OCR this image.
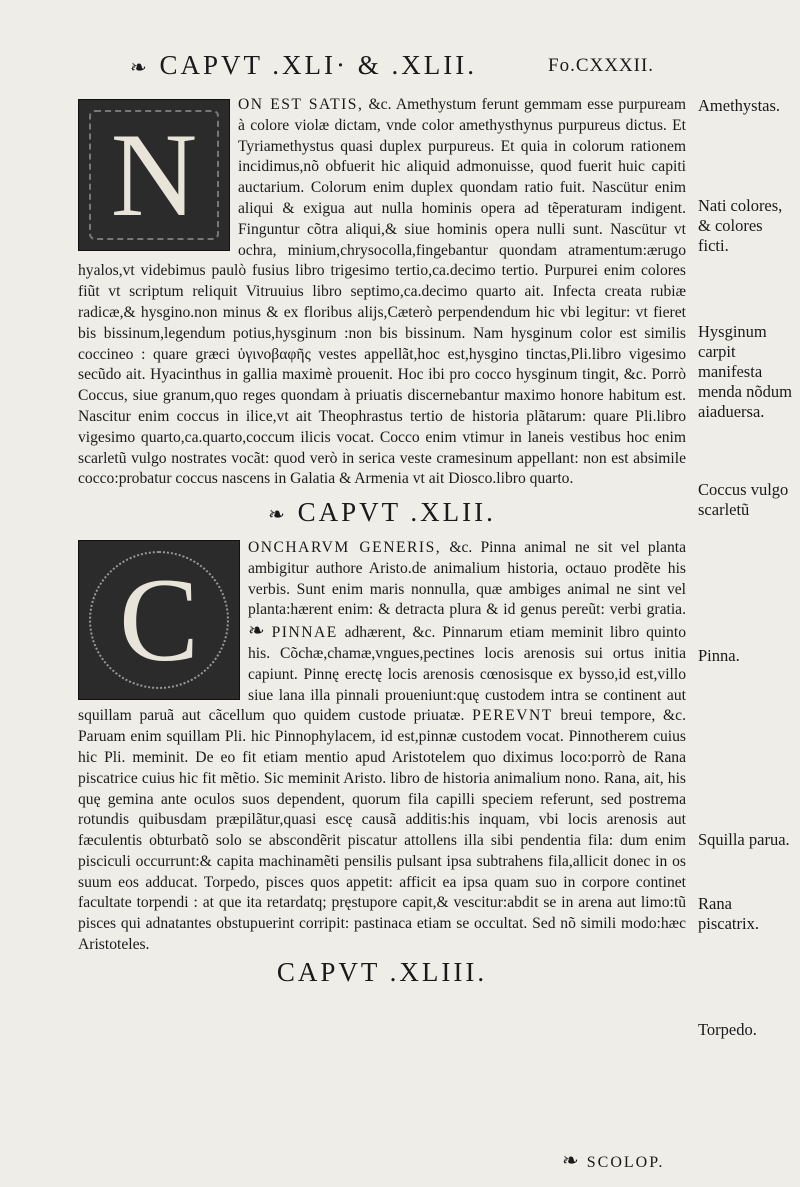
❧ CAPVT .XLI· & .XLII.	Fo.CXXXII.

N
ON EST SATIS, &c. Amethystum ferunt gemmam esse purpuream à colore violæ dictam, vnde color amethysthynus purpureus dictus. Et Tyriamethystus quasi duplex purpureus. Et quia in colorum rationem incidimus,nõ obfuerit hic aliquid admonuisse, quod fuerit huic capiti auctarium. Colorum enim duplex quondam ratio fuit. Nascütur enim aliqui & exigua aut nulla hominis opera ad tẽperaturam indigent. Finguntur cõtra aliqui,& siue hominis opera nulli sunt. Nascütur vt ochra, minium,chrysocolla,fingebantur quondam atramentum:ærugo hyalos,vt videbimus paulò fusius libro trigesimo tertio,ca.decimo tertio. Purpurei enim colores fiũt vt scriptum reliquit Vitruuius libro septimo,ca.decimo quarto ait. Infecta creata rubiæ radicæ,& hysgino.non minus & ex floribus alijs,Cæterò perpendendum hic vbi legitur: vt fieret bis bissinum,legendum potius,hysginum :non bis bissinum. Nam hysginum color est similis coccineo : quare græci ὑγινοβαφῆς vestes appellãt,hoc est,hysgino tinctas,Pli.libro vigesimo secũdo ait. Hyacinthus in gallia maximè prouenit. Hoc ibi pro cocco hysginum tingit, &c. Porrò Coccus, siue granum,quo reges quondam à priuatis discernebantur maximo honore habitum est. Nascitur enim coccus in ilice,vt ait Theophrastus tertio de historia plãtarum: quare Pli.libro vigesimo quarto,ca.quarto,coccum ilicis vocat. Cocco enim vtimur in laneis vestibus hoc enim scarletũ vulgo nostrates vocãt: quod verò in serica veste cramesinum appellant: non est absimile cocco:probatur coccus nascens in Galatia & Armenia vt ait Diosco.libro quarto.

❧ CAPVT .XLII.

C
ONCHARVM GENERIS, &c. Pinna animal ne sit vel planta ambigitur authore Aristo.de animalium historia, octauo prodẽte his verbis. Sunt enim maris nonnulla, quæ ambiges animal ne sint vel planta:hærent enim: & detracta plura & id genus pereũt: verbi gratia. ❧ PINNAE adhærent, &c. Pinnarum etiam meminit libro quinto his. Cõchæ,chamæ,vngues,pectines locis arenosis sui ortus initia capiunt. Pinnę erectę locis arenosis cœnosisque ex bysso,id est,villo siue lana illa pinnali proueniunt:quę custodem intra se continent aut squillam paruã aut cãcellum quo quidem custode priuatæ. PEREVNT breui tempore, &c. Paruam enim squillam Pli. hic Pinnophylacem, id est,pinnæ custodem vocat. Pinnotherem cuius hic Pli. meminit. De eo fit etiam mentio apud Aristotelem quo diximus loco:porrò de Rana piscatrice cuius hic fit mẽtio. Sic meminit Aristo. libro de historia animalium nono. Rana, ait, his quę gemina ante oculos suos dependent, quorum fila capilli speciem referunt, sed postrema rotundis quibusdam præpilãtur,quasi escę causã additis:his inquam, vbi locis arenosis aut fæculentis obturbatõ solo se abscondẽrit piscatur attollens illa sibi pendentia fila: dum enim pisciculi occurrunt:& capita machinamẽti pensilis pulsant ipsa subtrahens fila,allicit donec in os suum eos adducat. Torpedo, pisces quos appetit: afficit ea ipsa quam suo in corpore continet facultate torpendi : at que ita retardatq; pręstupore capit,& vescitur:abdit se in arena aut limo:tũ pisces qui adnatantes obstupuerint corripit: pastinaca etiam se occultat. Sed nõ simili modo:hæc Aristoteles.

CAPVT .XLIII.
Amethystas.
Nati colores, & colores ficti.
Hysginum carpit manifesta menda nõdum aiaduersa.
Coccus vulgo scarletũ
Pinna.
Squilla parua.
Rana piscatrix.
Torpedo.
❧ SCOLOP.
